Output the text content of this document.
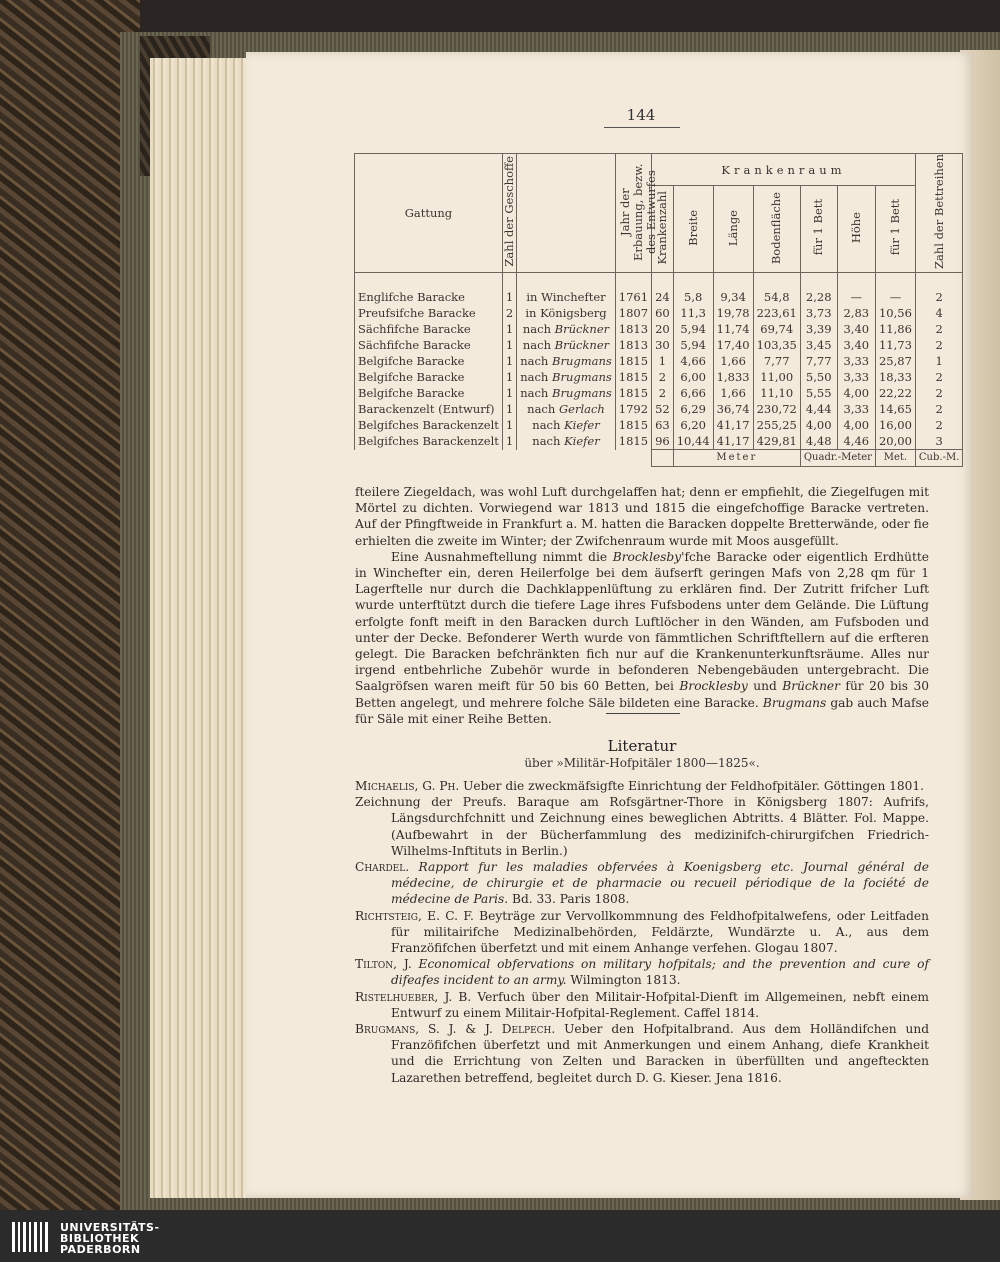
144
Gattung	Zahl der Geschoffe		Jahr der Erbauung, bezw. des Entwurfes	Krankenraum							Zahl der Bettreihen
				Krankenzahl	Breite	Länge	Bodenfläche	für 1 Bett	Höhe	für 1 Bett	

Englifche Baracke	1	in Winchefter	1761	24	5,8	9,34	54,8	2,28	—	—	2
Preufsifche Baracke	2	in Königsberg	1807	60	11,3	19,78	223,61	3,73	2,83	10,56	4
Sächfifche Baracke	1	nach Brückner	1813	20	5,94	11,74	69,74	3,39	3,40	11,86	2
Sächfifche Baracke	1	nach Brückner	1813	30	5,94	17,40	103,35	3,45	3,40	11,73	2
Belgifche Baracke	1	nach Brugmans	1815	1	4,66	1,66	7,77	7,77	3,33	25,87	1
Belgifche Baracke	1	nach Brugmans	1815	2	6,00	1,833	11,00	5,50	3,33	18,33	2
Belgifche Baracke	1	nach Brugmans	1815	2	6,66	1,66	11,10	5,55	4,00	22,22	2
Barackenzelt (Entwurf)	1	nach Gerlach	1792	52	6,29	36,74	230,72	4,44	3,33	14,65	2
Belgifches Barackenzelt	1	nach Kiefer	1815	63	6,20	41,17	255,25	4,00	4,00	16,00	2
Belgifches Barackenzelt	1	nach Kiefer	1815	96	10,44	41,17	429,81	4,48	4,46	20,00	3
					Meter			Quadr.-Meter		Met.	Cub.-M.

fteilere Ziegeldach, was wohl Luft durchgelaffen hat; denn er empfiehlt, die Ziegelfugen mit Mörtel zu dichten. Vorwiegend war 1813 und 1815 die eingefchoffige Baracke vertreten. Auf der Pfingftweide in Frankfurt a. M. hatten die Baracken doppelte Bretterwände, oder fie erhielten die zweite im Winter; der Zwifchenraum wurde mit Moos ausgefüllt.

Eine Ausnahmeftellung nimmt die Brocklesby'fche Baracke oder eigentlich Erdhütte in Winchefter ein, deren Heilerfolge bei dem äufserft geringen Mafs von 2,28 qm für 1 Lagerftelle nur durch die Dachklappenlüftung zu erklären find. Der Zutritt frifcher Luft wurde unterftützt durch die tiefere Lage ihres Fufsbodens unter dem Gelände. Die Lüftung erfolgte fonft meift in den Baracken durch Luftlöcher in den Wänden, am Fufsboden und unter der Decke. Befonderer Werth wurde von fämmtlichen Schriftftellern auf die erfteren gelegt. Die Baracken befchränkten fich nur auf die Krankenunterkunftsräume. Alles nur irgend entbehrliche Zubehör wurde in befonderen Nebengebäuden untergebracht. Die Saalgröfsen waren meift für 50 bis 60 Betten, bei Brocklesby und Brückner für 20 bis 30 Betten angelegt, und mehrere folche Säle bildeten eine Baracke. Brugmans gab auch Mafse für Säle mit einer Reihe Betten.

Literatur
über »Militär-Hofpitäler 1800—1825«.

Michaelis, G. Ph. Ueber die zweckmäfsigfte Einrichtung der Feldhofpitäler. Göttingen 1801.

Zeichnung der Preufs. Baraque am Rofsgärtner-Thore in Königsberg 1807: Aufrifs, Längsdurchfchnitt und Zeichnung eines beweglichen Abtritts. 4 Blätter. Fol. Mappe. (Aufbewahrt in der Bücherfammlung des medizinifch-chirurgifchen Friedrich-Wilhelms-Inftituts in Berlin.)

Chardel. Rapport fur les maladies obfervées à Koenigsberg etc. Journal général de médecine, de chirurgie et de pharmacie ou recueil périodique de la fociété de médecine de Paris. Bd. 33. Paris 1808.

Richtsteig, E. C. F. Beyträge zur Vervollkommnung des Feldhofpitalwefens, oder Leitfaden für militairifche Medizinalbehörden, Feldärzte, Wundärzte u. A., aus dem Franzöfifchen überfetzt und mit einem Anhange verfehen. Glogau 1807.

Tilton, J. Economical obfervations on military hofpitals; and the prevention and cure of difeafes incident to an army. Wilmington 1813.

Ristelhueber, J. B. Verfuch über den Militair-Hofpital-Dienft im Allgemeinen, nebft einem Entwurf zu einem Militair-Hofpital-Reglement. Caffel 1814.

Brugmans, S. J. & J. Delpech. Ueber den Hofpitalbrand. Aus dem Holländifchen und Franzöfifchen überfetzt und mit Anmerkungen und einem Anhang, diefe Krankheit und die Errichtung von Zelten und Baracken in überfüllten und angefteckten Lazarethen betreffend, begleitet durch D. G. Kieser. Jena 1816.

UNIVERSITÄTS-
BIBLIOTHEK
PADERBORN
